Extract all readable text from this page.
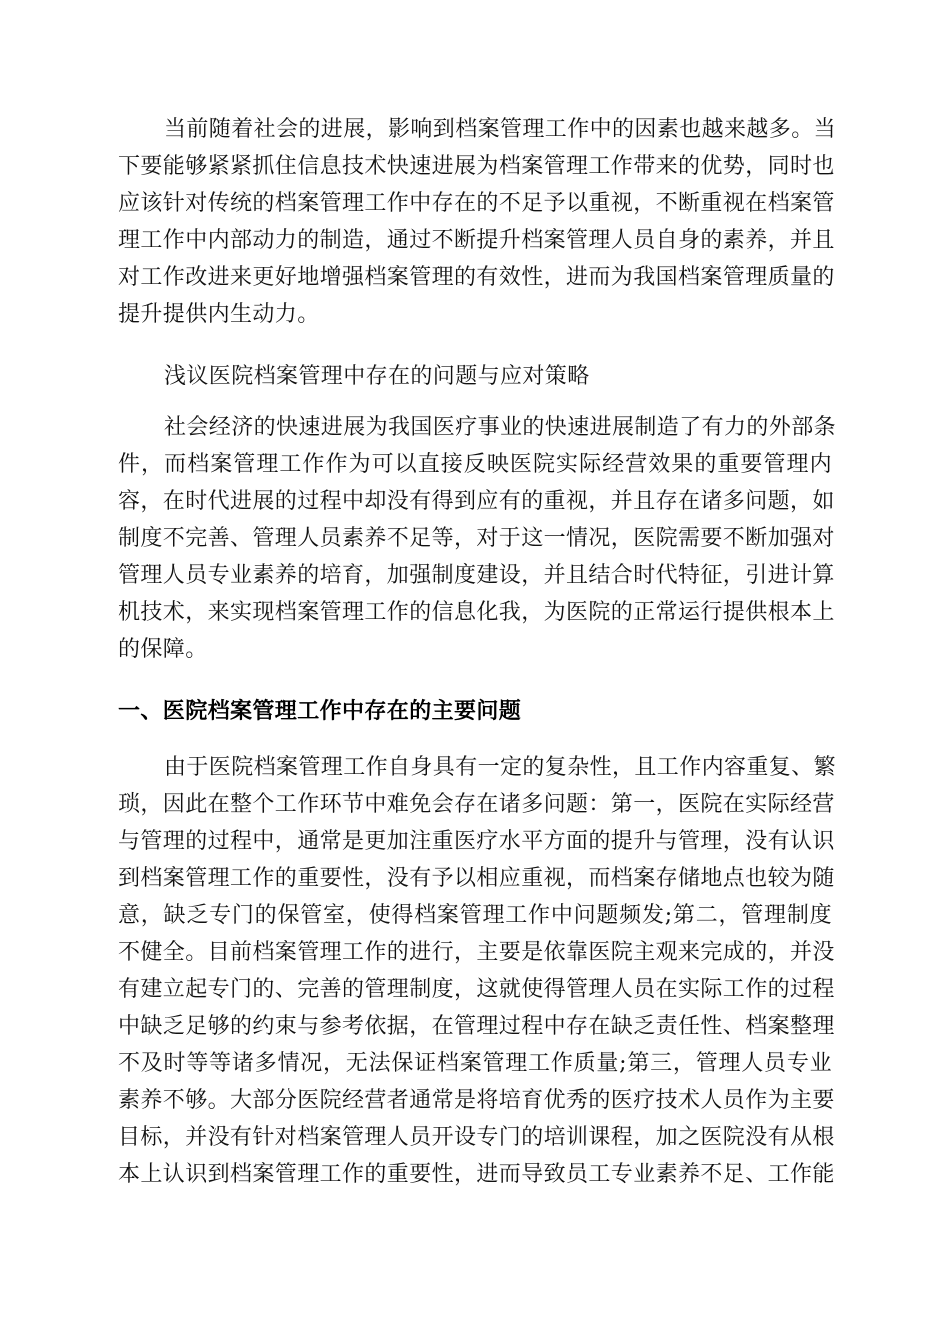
当前随着社会的进展，影响到档案管理工作中的因素也越来越多。当
下要能够紧紧抓住信息技术快速进展为档案管理工作带来的优势，同时也
应该针对传统的档案管理工作中存在的不足予以重视，不断重视在档案管
理工作中内部动力的制造，通过不断提升档案管理人员自身的素养，并且
对工作改进来更好地增强档案管理的有效性，进而为我国档案管理质量的
提升提供内生动力。
浅议医院档案管理中存在的问题与应对策略
社会经济的快速进展为我国医疗事业的快速进展制造了有力的外部条
件，而档案管理工作作为可以直接反映医院实际经营效果的重要管理内
容，在时代进展的过程中却没有得到应有的重视，并且存在诸多问题，如
制度不完善、管理人员素养不足等，对于这一情况，医院需要不断加强对
管理人员专业素养的培育，加强制度建设，并且结合时代特征，引进计算
机技术，来实现档案管理工作的信息化我，为医院的正常运行提供根本上
的保障。
一、医院档案管理工作中存在的主要问题
由于医院档案管理工作自身具有一定的复杂性，且工作内容重复、繁
琐，因此在整个工作环节中难免会存在诸多问题：第一，医院在实际经营
与管理的过程中，通常是更加注重医疗水平方面的提升与管理，没有认识
到档案管理工作的重要性，没有予以相应重视，而档案存储地点也较为随
意，缺乏专门的保管室，使得档案管理工作中问题频发;第二，管理制度
不健全。目前档案管理工作的进行，主要是依靠医院主观来完成的，并没
有建立起专门的、完善的管理制度，这就使得管理人员在实际工作的过程
中缺乏足够的约束与参考依据，在管理过程中存在缺乏责任性、档案整理
不及时等等诸多情况，无法保证档案管理工作质量;第三，管理人员专业
素养不够。大部分医院经营者通常是将培育优秀的医疗技术人员作为主要
目标，并没有针对档案管理人员开设专门的培训课程，加之医院没有从根
本上认识到档案管理工作的重要性，进而导致员工专业素养不足、工作能
